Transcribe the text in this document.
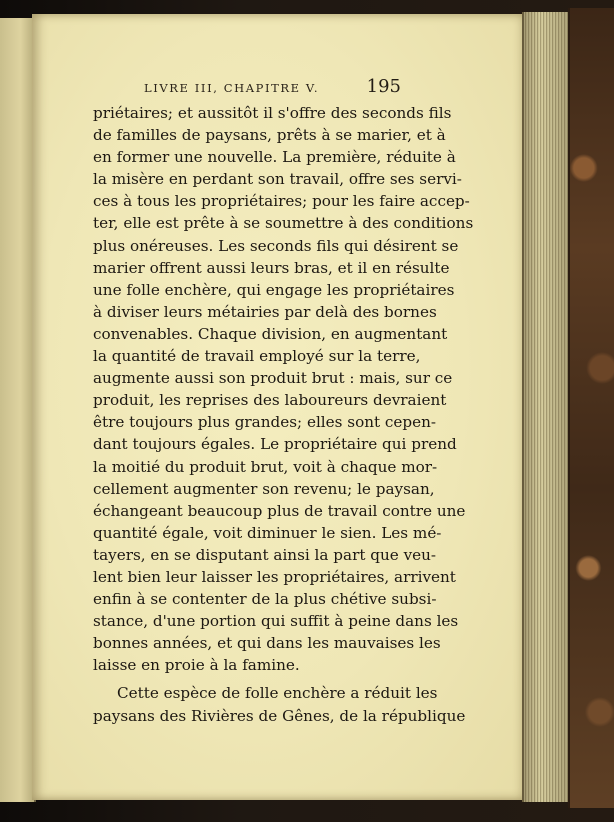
LIVRE III, CHAPITRE V.	195
priétaires; et aussitôt il s'offre des seconds fils
de familles de paysans, prêts à se marier, et à
en former une nouvelle. La première, réduite à
la misère en perdant son travail, offre ses servi-
ces à tous les propriétaires; pour les faire accep-
ter, elle est prête à se soumettre à des conditions
plus onéreuses. Les seconds fils qui désirent se
marier offrent aussi leurs bras, et il en résulte
une folle enchère, qui engage les propriétaires
à diviser leurs métairies par delà des bornes
convenables. Chaque division, en augmentant
la quantité de travail employé sur la terre,
augmente aussi son produit brut : mais, sur ce
produit, les reprises des laboureurs devraient
être toujours plus grandes; elles sont cepen-
dant toujours égales. Le propriétaire qui prend
la moitié du produit brut, voit à chaque mor-
cellement augmenter son revenu; le paysan,
échangeant beaucoup plus de travail contre une
quantité égale, voit diminuer le sien. Les mé-
tayers, en se disputant ainsi la part que veu-
lent bien leur laisser les propriétaires, arrivent
enfin à se contenter de la plus chétive subsi-
stance, d'une portion qui suffit à peine dans les
bonnes années, et qui dans les mauvaises les
laisse en proie à la famine.
Cette espèce de folle enchère a réduit les
paysans des Rivières de Gênes, de la république
